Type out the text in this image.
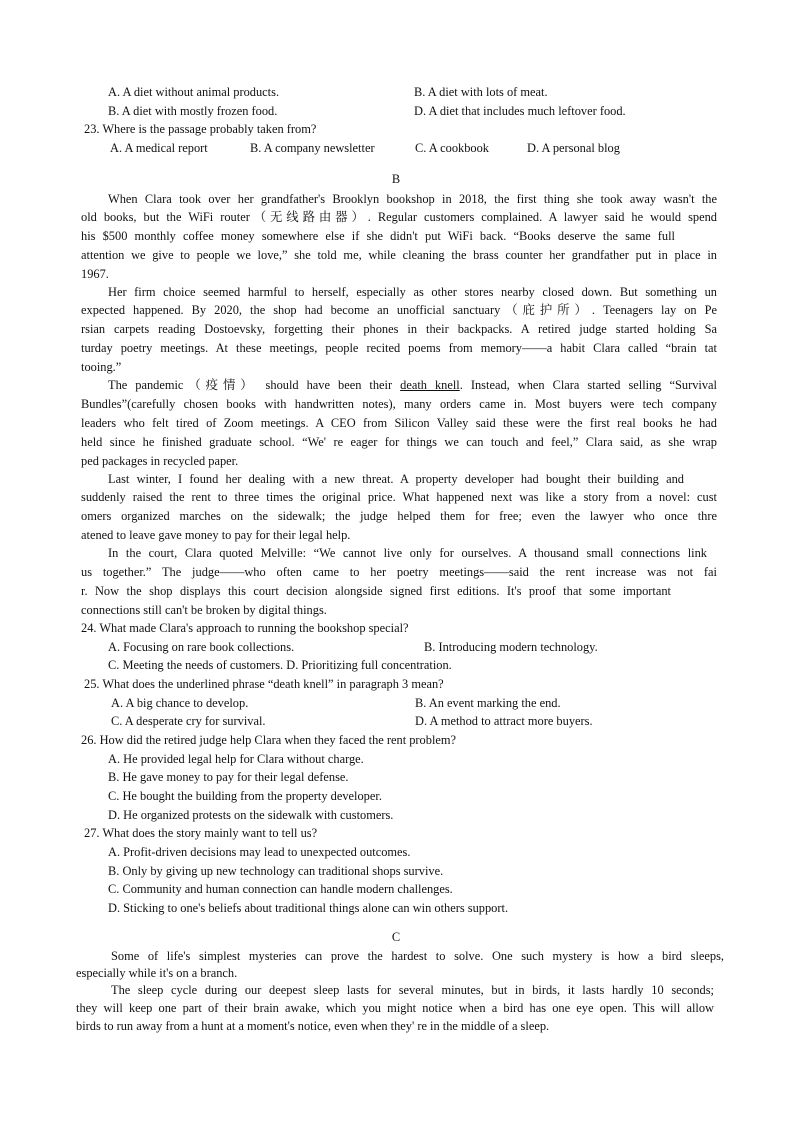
A. A diet without animal products.	B. A diet with lots of meat.
B. A diet with mostly frozen food.	D. A diet that includes much leftover food.
23. Where is the passage probably taken from?
A. A medical report	B. A company newsletter	C. A cookbook	D. A personal blog
B
When Clara took over her grandfather's Brooklyn bookshop in 2018, the first thing she took away wasn't the
old books, but the WiFi router（无线路由器）. Regular customers complained. A lawyer said he would spend
his $500 monthly coffee money somewhere else if she didn't put WiFi back. “Books deserve the same full
attention we give to people we love,” she told me, while cleaning the brass counter her grandfather put in place in
1967.
Her firm choice seemed harmful to herself, especially as other stores nearby closed down. But something un
expected happened. By 2020, the shop had become an unofficial sanctuary（庇护所）. Teenagers lay on Pe
rsian carpets reading Dostoevsky, forgetting their phones in their backpacks. A retired judge started holding Sa
turday poetry meetings. At these meetings, people recited poems from memory——a habit Clara called “brain tat
tooing.”
The pandemic（疫情） should have been their death knell. Instead, when Clara started selling “Survival
Bundles”(carefully chosen books with handwritten notes), many orders came in. Most buyers were tech company
leaders who felt tired of Zoom meetings. A CEO from Silicon Valley said these were the first real books he had
held since he finished graduate school. “We' re eager for things we can touch and feel,” Clara said, as she wrap
ped packages in recycled paper.
Last winter, I found her dealing with a new threat. A property developer had bought their building and
suddenly raised the rent to three times the original price. What happened next was like a story from a novel: cust
omers organized marches on the sidewalk; the judge helped them for free; even the lawyer who once thre
atened to leave gave money to pay for their legal help.
In the court, Clara quoted Melville: “We cannot live only for ourselves. A thousand small connections link
us together.” The judge——who often came to her poetry meetings——said the rent increase was not fai
r. Now the shop displays this court decision alongside signed first editions. It's proof that some important
connections still can't be broken by digital things.
24. What made Clara's approach to running the bookshop special?
A. Focusing on rare book collections.	B. Introducing modern technology.
C. Meeting the needs of customers. D. Prioritizing full concentration.
25. What does the underlined phrase “death knell” in paragraph 3 mean?
A. A big chance to develop.	B. An event marking the end.
C. A desperate cry for survival.	D. A method to attract more buyers.
26. How did the retired judge help Clara when they faced the rent problem?
A. He provided legal help for Clara without charge.
B. He gave money to pay for their legal defense.
C. He bought the building from the property developer.
D. He organized protests on the sidewalk with customers.
27. What does the story mainly want to tell us?
A. Profit-driven decisions may lead to unexpected outcomes.
B. Only by giving up new technology can traditional shops survive.
C. Community and human connection can handle modern challenges.
D. Sticking to one's beliefs about traditional things alone can win others support.
C
Some of life's simplest mysteries can prove the hardest to solve. One such mystery is how a bird sleeps,
especially while it's on a branch.
The sleep cycle during our deepest sleep lasts for several minutes, but in birds, it lasts hardly 10 seconds;
they will keep one part of their brain awake, which you might notice when a bird has one eye open. This will allow
birds to run away from a hunt at a moment's notice, even when they' re in the middle of a sleep.
